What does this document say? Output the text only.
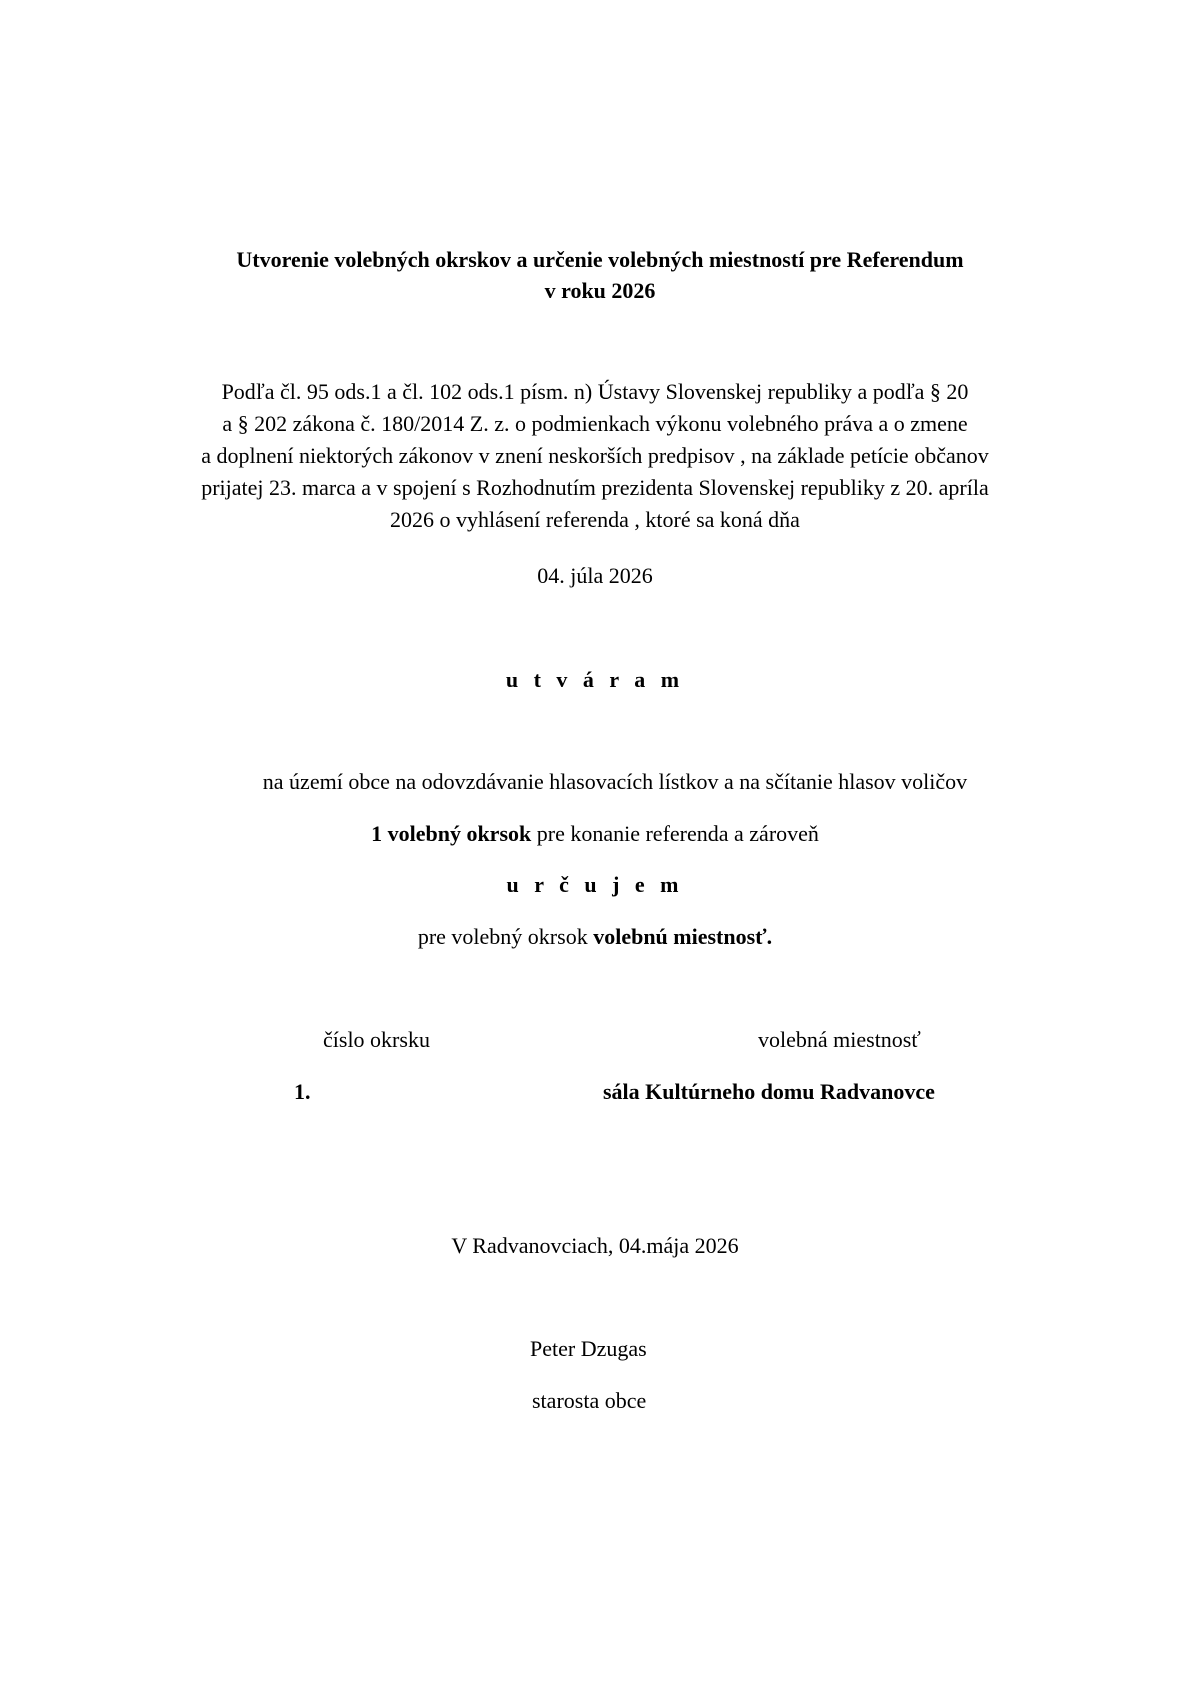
Utvorenie volebných okrskov a určenie volebných miestností pre Referendum
v roku 2026
Podľa čl. 95 ods.1 a čl. 102 ods.1 písm. n) Ústavy Slovenskej republiky a podľa § 20
a § 202 zákona č. 180/2014 Z. z. o podmienkach výkonu volebného práva a o zmene
a doplnení niektorých zákonov v znení neskorších predpisov , na základe petície občanov
prijatej 23. marca a v spojení s Rozhodnutím prezidenta Slovenskej republiky z 20. apríla
2026 o vyhlásení referenda , ktoré sa koná dňa
04. júla 2026
u t v á r a m
na území obce na odovzdávanie hlasovacích lístkov a na sčítanie hlasov voličov
1 volebný okrsok pre konanie referenda a zároveň
u r č u j e m
pre volebný okrsok volebnú miestnosť.
číslo okrsku	volebná miestnosť
1.	sála Kultúrneho domu Radvanovce
V Radvanovciach, 04.mája 2026
Peter Dzugas
starosta obce
